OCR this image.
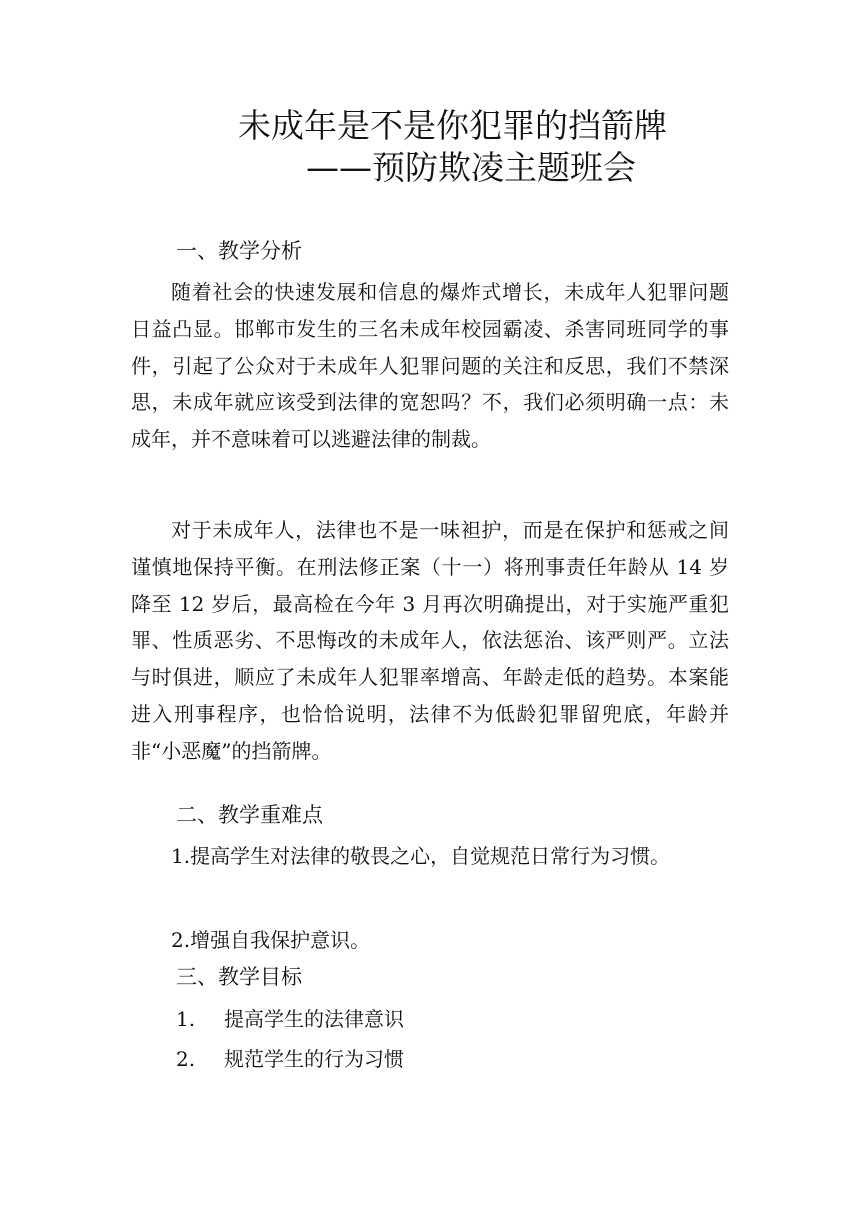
未成年是不是你犯罪的挡箭牌
——预防欺凌主题班会
一、教学分析

随着社会的快速发展和信息的爆炸式增长，未成年人犯罪问题日益凸显。邯郸市发生的三名未成年校园霸凌、杀害同班同学的事件，引起了公众对于未成年人犯罪问题的关注和反思，我们不禁深思，未成年就应该受到法律的宽恕吗？不，我们必须明确一点：未成年，并不意味着可以逃避法律的制裁。

对于未成年人，法律也不是一味袒护，而是在保护和惩戒之间谨慎地保持平衡。在刑法修正案（十一）将刑事责任年龄从 14 岁降至 12 岁后，最高检在今年 3 月再次明确提出，对于实施严重犯罪、性质恶劣、不思悔改的未成年人，依法惩治、该严则严。立法与时俱进，顺应了未成年人犯罪率增高、年龄走低的趋势。本案能进入刑事程序，也恰恰说明，法律不为低龄犯罪留兜底，年龄并非“小恶魔”的挡箭牌。

二、教学重难点

1.提高学生对法律的敬畏之心，自觉规范日常行为习惯。

2.增强自我保护意识。

三、教学目标
1. 提高学生的法律意识
2. 规范学生的行为习惯
